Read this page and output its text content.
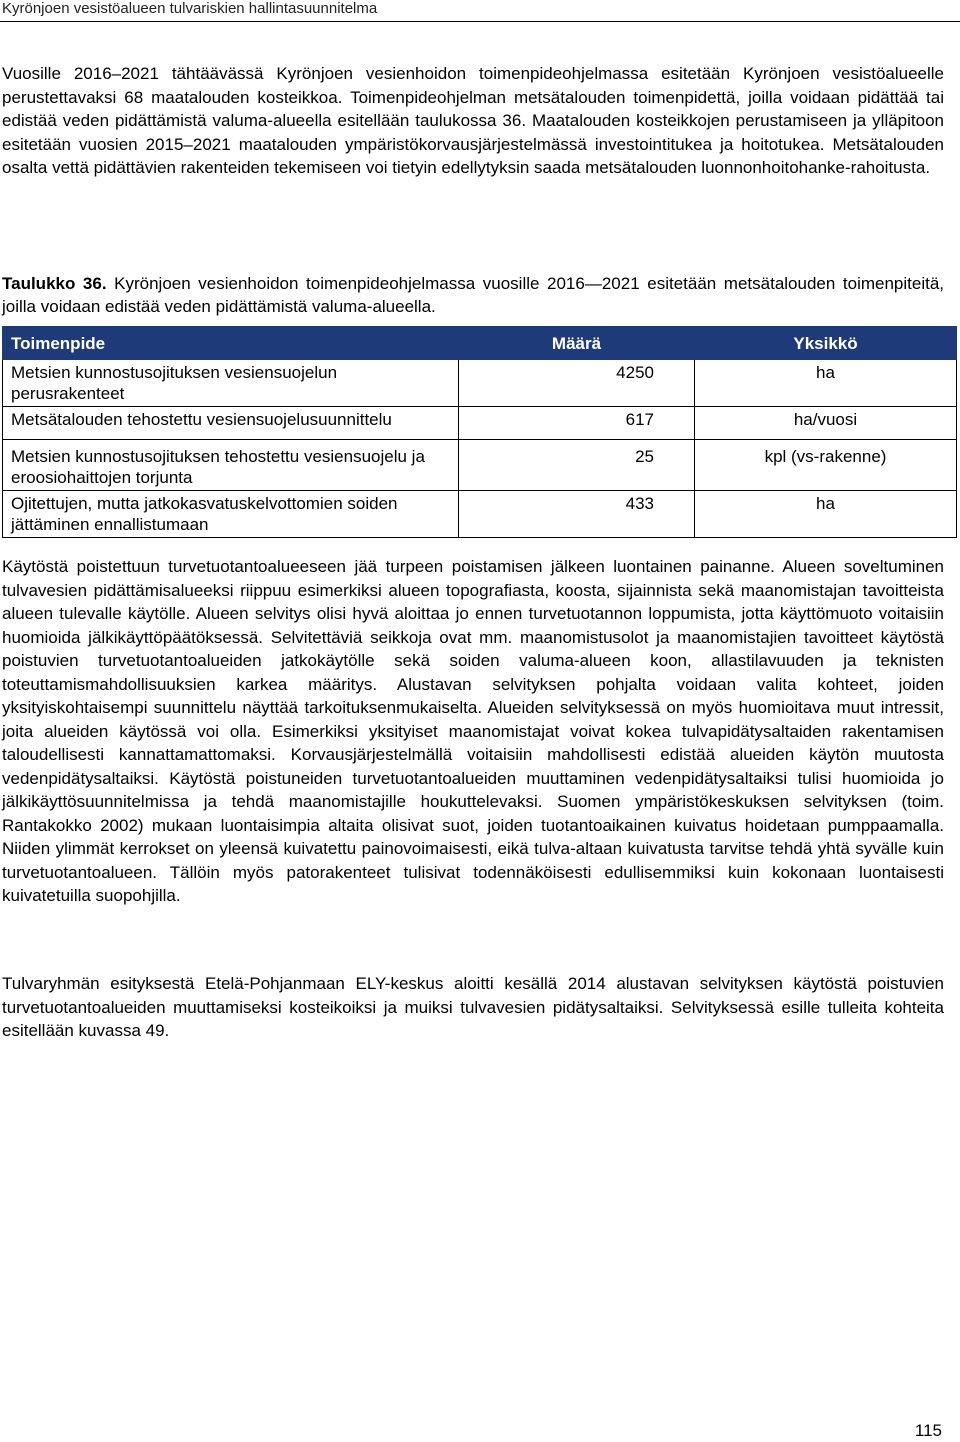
Kyrönjoen vesistöalueen tulvariskien hallintasuunnitelma
Vuosille 2016–2021 tähtäävässä Kyrönjoen vesienhoidon toimenpideohjelmassa esitetään Kyrönjoen vesistöalueelle perustettavaksi 68 maatalouden kosteikkoa. Toimenpideohjelman metsätalouden toimenpidettä, joilla voidaan pidättää tai edistää veden pidättämistä valuma-alueella esitellään taulukossa 36. Maatalouden kosteikkojen perustamiseen ja ylläpitoon esitetään vuosien 2015–2021 maatalouden ympäristökorvausjärjestelmässä investointitukea ja hoitotukea. Metsätalouden osalta vettä pidättävien rakenteiden tekemiseen voi tietyin edellytyksin saada metsätalouden luonnonhoitohanke-rahoitusta.
Taulukko 36. Kyrönjoen vesienhoidon toimenpideohjelmassa vuosille 2016—2021 esitetään metsätalouden toimenpiteitä, joilla voidaan edistää veden pidättämistä valuma-alueella.
Toimenpide	Määrä	Yksikkö
Metsien kunnostusojituksen vesiensuojelun perusrakenteet	4250	ha
Metsätalouden tehostettu vesiensuojelusuunnittelu	617	ha/vuosi
Metsien kunnostusojituksen tehostettu vesiensuojelu ja eroosiohaittojen torjunta	25	kpl (vs-rakenne)
Ojitettujen, mutta jatkokasvatuskelvottomien soiden jättäminen ennallistumaan	433	ha
Käytöstä poistettuun turvetuotantoalueeseen jää turpeen poistamisen jälkeen luontainen painanne. Alueen soveltuminen tulvavesien pidättämisalueeksi riippuu esimerkiksi alueen topografiasta, koosta, sijainnista sekä maanomistajan tavoitteista alueen tulevalle käytölle. Alueen selvitys olisi hyvä aloittaa jo ennen turvetuotannon loppumista, jotta käyttömuoto voitaisiin huomioida jälkikäyttöpäätöksessä. Selvitettäviä seikkoja ovat mm. maanomistusolot ja maanomistajien tavoitteet käytöstä poistuvien turvetuotantoalueiden jatkokäytölle sekä soiden valuma-alueen koon, allastilavuuden ja teknisten toteuttamismahdollisuuksien karkea määritys. Alustavan selvityksen pohjalta voidaan valita kohteet, joiden yksityiskohtaisempi suunnittelu näyttää tarkoituksenmukaiselta. Alueiden selvityksessä on myös huomioitava muut intressit, joita alueiden käytössä voi olla. Esimerkiksi yksityiset maanomistajat voivat kokea tulvapidätysaltaiden rakentamisen taloudellisesti kannattamattomaksi. Korvausjärjestelmällä voitaisiin mahdollisesti edistää alueiden käytön muutosta vedenpidätysaltaiksi. Käytöstä poistuneiden turvetuotantoalueiden muuttaminen vedenpidätysaltaiksi tulisi huomioida jo jälkikäyttösuunnitelmissa ja tehdä maanomistajille houkuttelevaksi. Suomen ympäristökeskuksen selvityksen (toim. Rantakokko 2002) mukaan luontaisimpia altaita olisivat suot, joiden tuotantoaikainen kuivatus hoidetaan pumppaamalla. Niiden ylimmät kerrokset on yleensä kuivatettu painovoimaisesti, eikä tulva-altaan kuivatusta tarvitse tehdä yhtä syvälle kuin turvetuotantoalueen. Tällöin myös patorakenteet tulisivat todennäköisesti edullisemmiksi kuin kokonaan luontaisesti kuivatetuilla suopohjilla.
Tulvaryhmän esityksestä Etelä-Pohjanmaan ELY-keskus aloitti kesällä 2014 alustavan selvityksen käytöstä poistuvien turvetuotantoalueiden muuttamiseksi kosteikoiksi ja muiksi tulvavesien pidätysaltaiksi. Selvityksessä esille tulleita kohteita esitellään kuvassa 49.
115
